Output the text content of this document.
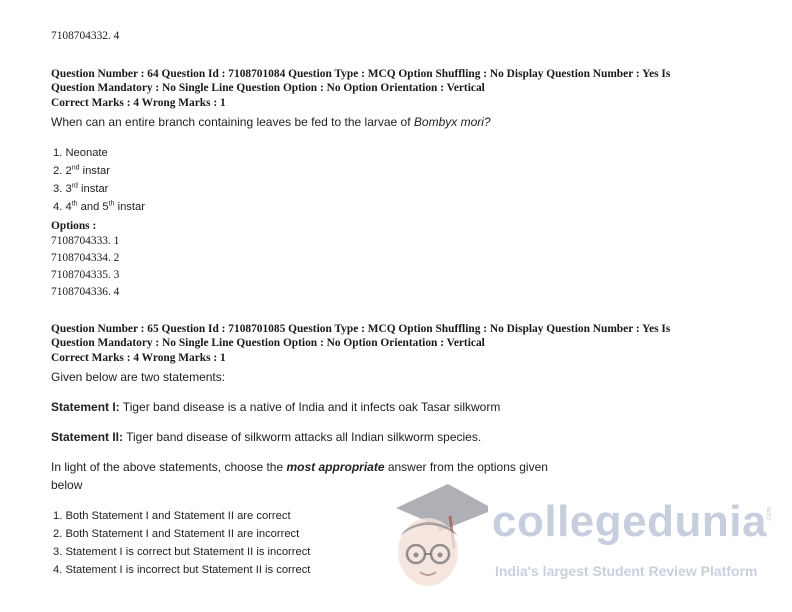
7108704332. 4
Question Number : 64 Question Id : 7108701084 Question Type : MCQ Option Shuffling : No Display Question Number : Yes Is
Question Mandatory : No Single Line Question Option : No Option Orientation : Vertical
Correct Marks : 4 Wrong Marks : 1
When can an entire branch containing leaves be fed to the larvae of Bombyx mori?
1. Neonate
2. 2nd instar
3. 3rd instar
4. 4th and 5th instar
Options :
7108704333. 1
7108704334. 2
7108704335. 3
7108704336. 4
Question Number : 65 Question Id : 7108701085 Question Type : MCQ Option Shuffling : No Display Question Number : Yes Is
Question Mandatory : No Single Line Question Option : No Option Orientation : Vertical
Correct Marks : 4 Wrong Marks : 1
Given below are two statements:
Statement I: Tiger band disease is a native of India and it infects oak Tasar silkworm
Statement II: Tiger band disease of silkworm attacks all Indian silkworm species.
In light of the above statements, choose the most appropriate answer from the options given
below
1. Both Statement I and Statement II are correct
2. Both Statement I and Statement II are incorrect
3. Statement I is correct but Statement II is incorrect
4. Statement I is incorrect but Statement II is correct
collegedunia .com
India's largest Student Review Platform
